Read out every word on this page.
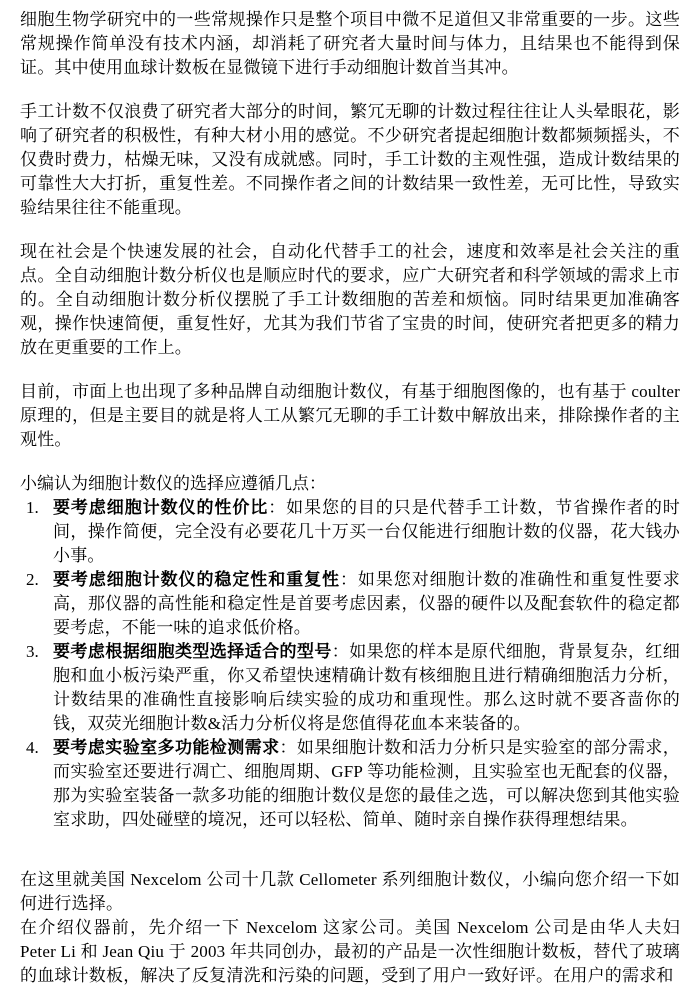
细胞生物学研究中的一些常规操作只是整个项目中微不足道但又非常重要的一步。这些常规操作简单没有技术内涵，却消耗了研究者大量时间与体力，且结果也不能得到保证。其中使用血球计数板在显微镜下进行手动细胞计数首当其冲。

手工计数不仅浪费了研究者大部分的时间，繁冗无聊的计数过程往往让人头晕眼花，影响了研究者的积极性，有种大材小用的感觉。不少研究者提起细胞计数都频频摇头，不仅费时费力，枯燥无味，又没有成就感。同时，手工计数的主观性强，造成计数结果的可靠性大大打折，重复性差。不同操作者之间的计数结果一致性差，无可比性，导致实验结果往往不能重现。

现在社会是个快速发展的社会，自动化代替手工的社会，速度和效率是社会关注的重点。全自动细胞计数分析仪也是顺应时代的要求，应广大研究者和科学领域的需求上市的。全自动细胞计数分析仪摆脱了手工计数细胞的苦差和烦恼。同时结果更加准确客观，操作快速简便，重复性好，尤其为我们节省了宝贵的时间，使研究者把更多的精力放在更重要的工作上。

目前，市面上也出现了多种品牌自动细胞计数仪，有基于细胞图像的，也有基于 coulter 原理的，但是主要目的就是将人工从繁冗无聊的手工计数中解放出来，排除操作者的主观性。

小编认为细胞计数仪的选择应遵循几点：

1. 要考虑细胞计数仪的性价比：如果您的目的只是代替手工计数，节省操作者的时间，操作简便，完全没有必要花几十万买一台仅能进行细胞计数的仪器，花大钱办小事。
2. 要考虑细胞计数仪的稳定性和重复性：如果您对细胞计数的准确性和重复性要求高，那仪器的高性能和稳定性是首要考虑因素，仪器的硬件以及配套软件的稳定都要考虑，不能一味的追求低价格。
3. 要考虑根据细胞类型选择适合的型号：如果您的样本是原代细胞，背景复杂，红细胞和血小板污染严重，你又希望快速精确计数有核细胞且进行精确细胞活力分析，计数结果的准确性直接影响后续实验的成功和重现性。那么这时就不要吝啬你的钱，双荧光细胞计数&活力分析仪将是您值得花血本来装备的。
4. 要考虑实验室多功能检测需求：如果细胞计数和活力分析只是实验室的部分需求，而实验室还要进行凋亡、细胞周期、GFP 等功能检测，且实验室也无配套的仪器，那为实验室装备一款多功能的细胞计数仪是您的最佳之选，可以解决您到其他实验室求助，四处碰壁的境况，还可以轻松、简单、随时亲自操作获得理想结果。

在这里就美国 Nexcelom 公司十几款 Cellometer 系列细胞计数仪，小编向您介绍一下如何进行选择。

在介绍仪器前，先介绍一下 Nexcelom 这家公司。美国 Nexcelom 公司是由华人夫妇 Peter Li 和 Jean Qiu 于 2003 年共同创办，最初的产品是一次性细胞计数板，替代了玻璃的血球计数板，解决了反复清洗和污染的问题，受到了用户一致好评。在用户的需求和
